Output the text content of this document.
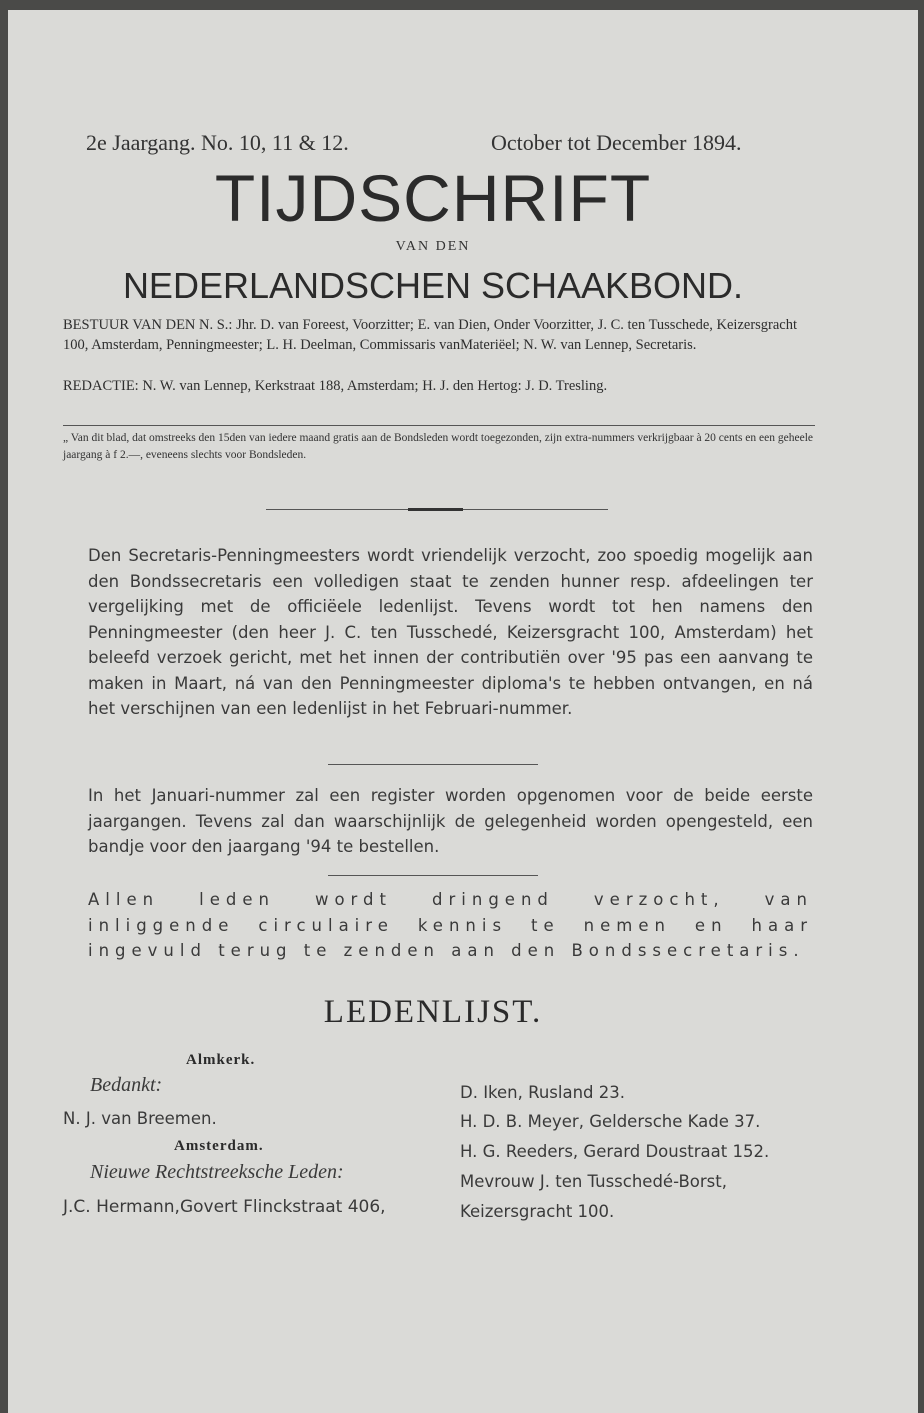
2e Jaargang. No. 10, 11 & 12.	October tot December 1894.
TIJDSCHRIFT
VAN DEN
NEDERLANDSCHEN SCHAAKBOND.

BESTUUR VAN DEN N. S.: Jhr. D. van Foreest, Voorzitter; E. van Dien, Onder Voorzitter, J. C. ten Tusschede, Keizersgracht 100, Amsterdam, Penningmeester; L. H. Deelman, Commissaris vanMateriëel; N. W. van Lennep, Secretaris.

REDACTIE: N. W. van Lennep, Kerkstraat 188, Amsterdam; H. J. den Hertog: J. D. Tresling.

„ Van dit blad, dat omstreeks den 15den van iedere maand gratis aan de Bondsleden wordt toegezonden, zijn extra-nummers verkrijgbaar à 20 cents en een geheele jaargang à f 2.—, eveneens slechts voor Bondsleden.

Den Secretaris-Penningmeesters wordt vriendelijk verzocht, zoo spoedig mogelijk aan den Bondssecretaris een volledigen staat te zenden hunner resp. afdeelingen ter vergelijking met de officiëele ledenlijst. Tevens wordt tot hen namens den Penningmeester (den heer J. C. ten Tusschedé, Keizersgracht 100, Amsterdam) het beleefd verzoek gericht, met het innen der contributiën over '95 pas een aanvang te maken in Maart, ná van den Penningmeester diploma's te hebben ontvangen, en ná het verschijnen van een ledenlijst in het Februari-nummer.

In het Januari-nummer zal een register worden opgenomen voor de beide eerste jaargangen. Tevens zal dan waarschijnlijk de gelegenheid worden opengesteld, een bandje voor den jaargang '94 te bestellen.

Allen leden wordt dringend verzocht, van inliggende circulaire kennis te nemen en haar ingevuld terug te zenden aan den Bondssecretaris.

LEDENLIJST.
Almkerk.
Bedankt:
N. J. van Breemen.
Amsterdam.
Nieuwe Rechtstreeksche Leden:
J.C. Hermann,Govert Flinckstraat 406,
D. Iken, Rusland 23.
H. D. B. Meyer, Geldersche Kade 37.
H. G. Reeders, Gerard Doustraat 152.
Mevrouw J. ten Tusschedé-Borst,
Keizersgracht 100.
